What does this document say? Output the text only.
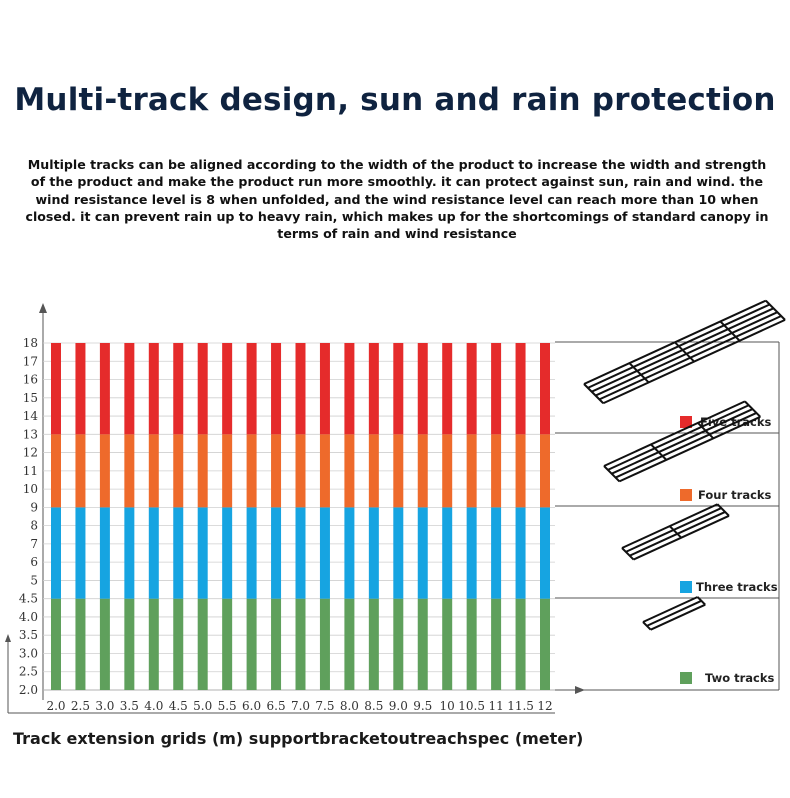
Multi-track design, sun and rain protection
Multiple tracks can be aligned according to the width of the product to increase the width and strength of the product and make the product run more smoothly. it can protect against sun, rain and wind. the wind resistance level is 8 when unfolded, and the wind resistance level can reach more than 10 when closed. it can prevent rain up to heavy rain, which makes up for the shortcomings of standard canopy in terms of rain and wind resistance
2.0
2.5
3.0
3.5
4.0
4.5
5
6
7
8
9
10
11
12
13
14
15
16
17
18
2.0 2.5 3.0 3.5 4.0 4.5 5.0 5.5 6.0 6.5 7.0 7.5 8.0 8.5 9.0 9.5 10 10.5 11 11.5 12
Five tracks
Four tracks
Three tracks
Two tracks
Track extension grids (m) supportbracketoutreachspec (meter)
